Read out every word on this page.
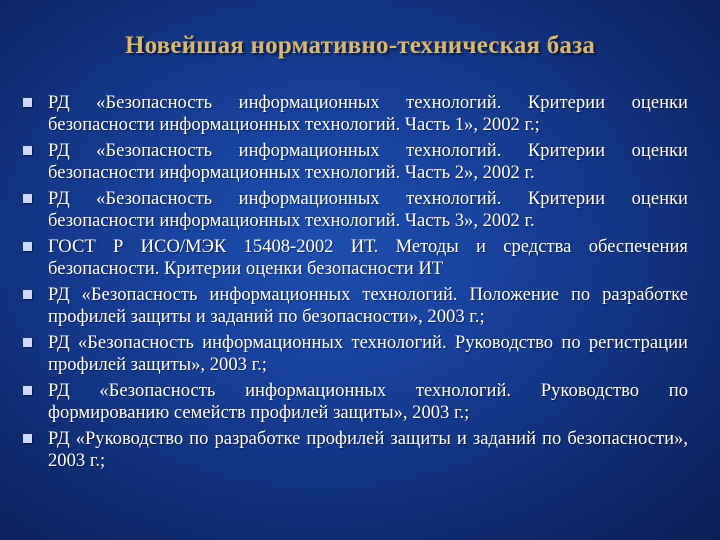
Новейшая нормативно-техническая база
РД «Безопасность информационных технологий. Критерии оценки безопасности информационных технологий. Часть 1», 2002 г.;
РД «Безопасность информационных технологий. Критерии оценки безопасности информационных технологий. Часть 2», 2002 г.
РД «Безопасность информационных технологий. Критерии оценки безопасности информационных технологий. Часть 3», 2002 г.
ГОСТ Р ИСО/МЭК 15408-2002 ИТ. Методы и средства обеспечения безопасности. Критерии оценки безопасности ИТ
РД «Безопасность информационных технологий. Положение по разработке профилей защиты и заданий по безопасности», 2003 г.;
РД «Безопасность информационных технологий. Руководство по регистрации профилей защиты», 2003 г.;
РД «Безопасность информационных технологий. Руководство по формированию семейств профилей защиты», 2003 г.;
РД «Руководство по разработке профилей защиты и заданий по безопасности», 2003 г.;
